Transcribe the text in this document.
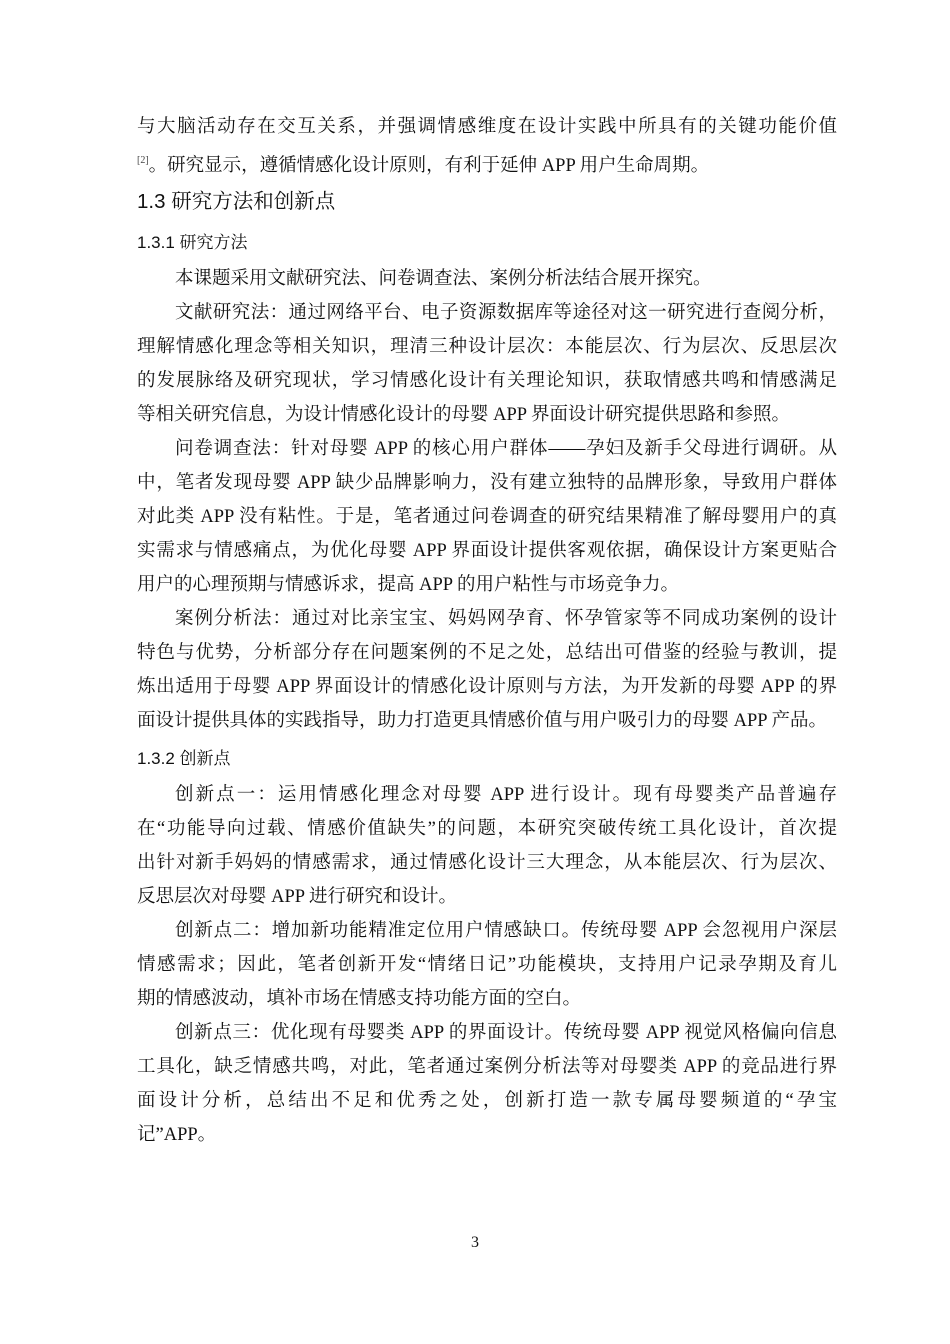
与大脑活动存在交互关系，并强调情感维度在设计实践中所具有的关键功能价值
[2]。研究显示，遵循情感化设计原则，有利于延伸 APP 用户生命周期。
1.3 研究方法和创新点
1.3.1 研究方法
本课题采用文献研究法、问卷调查法、案例分析法结合展开探究。
文献研究法：通过网络平台、电子资源数据库等途径对这一研究进行查阅分析，
理解情感化理念等相关知识，理清三种设计层次：本能层次、行为层次、反思层次
的发展脉络及研究现状，学习情感化设计有关理论知识，获取情感共鸣和情感满足
等相关研究信息，为设计情感化设计的母婴 APP 界面设计研究提供思路和参照。
问卷调查法：针对母婴 APP 的核心用户群体——孕妇及新手父母进行调研。从
中，笔者发现母婴 APP 缺少品牌影响力，没有建立独特的品牌形象，导致用户群体
对此类 APP 没有粘性。于是，笔者通过问卷调查的研究结果精准了解母婴用户的真
实需求与情感痛点，为优化母婴 APP 界面设计提供客观依据，确保设计方案更贴合
用户的心理预期与情感诉求，提高 APP 的用户粘性与市场竞争力。
案例分析法：通过对比亲宝宝、妈妈网孕育、怀孕管家等不同成功案例的设计
特色与优势，分析部分存在问题案例的不足之处，总结出可借鉴的经验与教训，提
炼出适用于母婴 APP 界面设计的情感化设计原则与方法，为开发新的母婴 APP 的界
面设计提供具体的实践指导，助力打造更具情感价值与用户吸引力的母婴 APP 产品。
1.3.2 创新点
创新点一：运用情感化理念对母婴 APP 进行设计。现有母婴类产品普遍存
在“功能导向过载、情感价值缺失”的问题，本研究突破传统工具化设计，首次提
出针对新手妈妈的情感需求，通过情感化设计三大理念，从本能层次、行为层次、
反思层次对母婴 APP 进行研究和设计。
创新点二：增加新功能精准定位用户情感缺口。传统母婴 APP 会忽视用户深层
情感需求；因此，笔者创新开发“情绪日记”功能模块，支持用户记录孕期及育儿
期的情感波动，填补市场在情感支持功能方面的空白。
创新点三：优化现有母婴类 APP 的界面设计。传统母婴 APP 视觉风格偏向信息
工具化，缺乏情感共鸣，对此，笔者通过案例分析法等对母婴类 APP 的竞品进行界
面设计分析，总结出不足和优秀之处，创新打造一款专属母婴频道的“孕宝
记”APP。
3
